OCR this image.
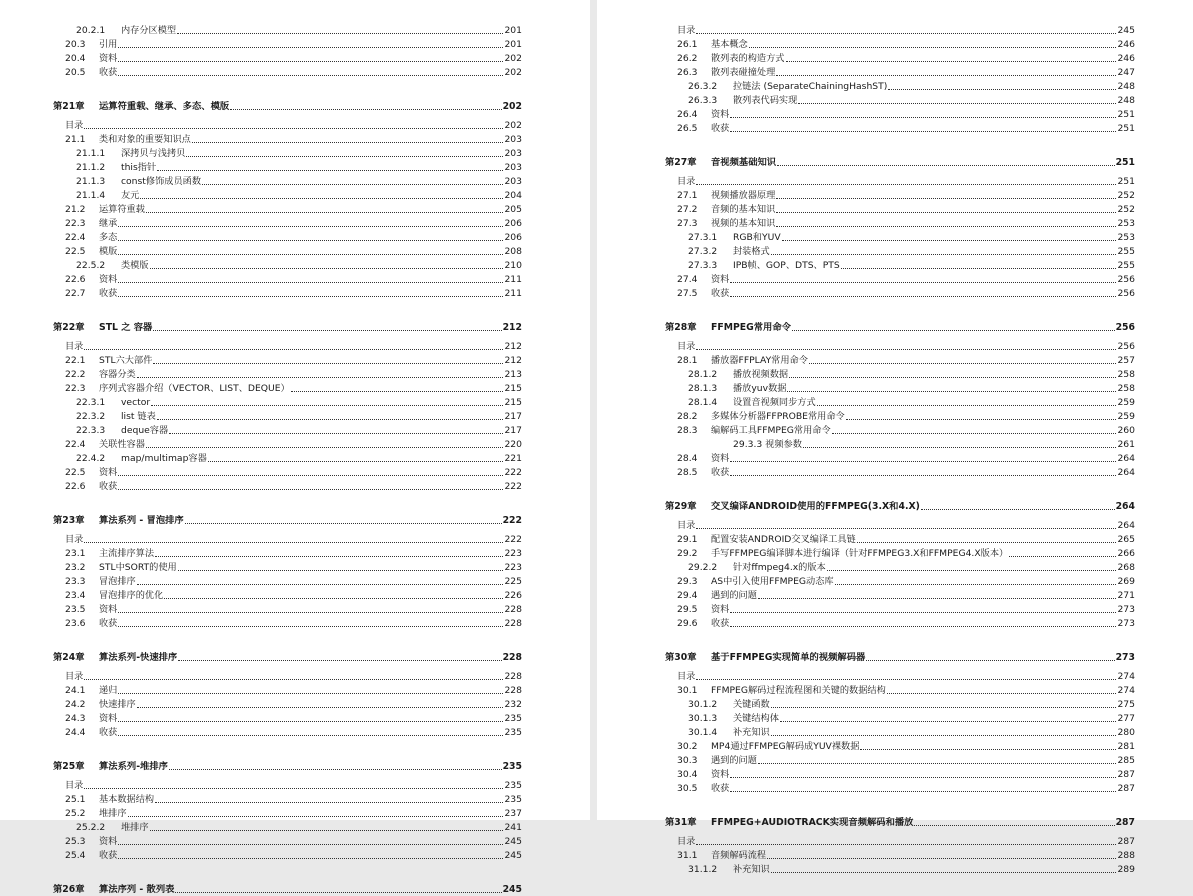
20.2.1	内存分区模型	201
20.3	引用	201
20.4	资料	202
20.5	收获	202
第21章	运算符重载、继承、多态、模版	202
目录	202
21.1	类和对象的重要知识点	203
21.1.1	深拷贝与浅拷贝	203
21.1.2	this指针	203
21.1.3	const修饰成员函数	203
21.1.4	友元	204
21.2	运算符重载	205
22.3	继承	206
22.4	多态	206
22.5	模版	208
22.5.2	类模版	210
22.6	资料	211
22.7	收获	211
第22章	STL 之 容器	212
目录	212
22.1	STL六大部件	212
22.2	容器分类	213
22.3	序列式容器介绍（VECTOR、LIST、DEQUE）	215
22.3.1	vector	215
22.3.2	list 链表	217
22.3.3	deque容器	217
22.4	关联性容器	220
22.4.2	map/multimap容器	221
22.5	资料	222
22.6	收获	222
第23章	算法系列 - 冒泡排序	222
目录	222
23.1	主流排序算法	223
23.2	STL中SORT的使用	223
23.3	冒泡排序	225
23.4	冒泡排序的优化	226
23.5	资料	228
23.6	收获	228
第24章	算法系列-快速排序	228
目录	228
24.1	递归	228
24.2	快速排序	232
24.3	资料	235
24.4	收获	235
第25章	算法系列-堆排序	235
目录	235
25.1	基本数据结构	235
25.2	堆排序	237
25.2.2	堆排序	241
25.3	资料	245
25.4	收获	245
第26章	算法序列 - 散列表	245
目录	245
26.1	基本概念	246
26.2	散列表的构造方式	246
26.3	散列表碰撞处理	247
26.3.2	拉链法 (SeparateChainingHashST)	248
26.3.3	散列表代码实现	248
26.4	资料	251
26.5	收获	251
第27章	音视频基础知识	251
目录	251
27.1	视频播放器原理	252
27.2	音频的基本知识	252
27.3	视频的基本知识	253
27.3.1	RGB和YUV	253
27.3.2	封装格式	255
27.3.3	IPB帧、GOP、DTS、PTS	255
27.4	资料	256
27.5	收获	256
第28章	FFMPEG常用命令	256
目录	256
28.1	播放器FFPLAY常用命令	257
28.1.2	播放视频数据	258
28.1.3	播放yuv数据	258
28.1.4	设置音视频同步方式	259
28.2	多媒体分析器FFPROBE常用命令	259
28.3	编解码工具FFMPEG常用命令	260
29.3.3 视频参数	261
28.4	资料	264
28.5	收获	264
第29章	交叉编译ANDROID使用的FFMPEG(3.X和4.X)	264
目录	264
29.1	配置安装ANDROID交叉编译工具链	265
29.2	手写FFMPEG编译脚本进行编译（针对FFMPEG3.X和FFMPEG4.X版本）	266
29.2.2	针对ffmpeg4.x的版本	268
29.3	AS中引入使用FFMPEG动态库	269
29.4	遇到的问题	271
29.5	资料	273
29.6	收获	273
第30章	基于FFMPEG实现简单的视频解码器	273
目录	274
30.1	FFMPEG解码过程流程图和关键的数据结构	274
30.1.2	关键函数	275
30.1.3	关键结构体	277
30.1.4	补充知识	280
30.2	MP4通过FFMPEG解码成YUV裸数据	281
30.3	遇到的问题	285
30.4	资料	287
30.5	收获	287
第31章	FFMPEG+AUDIOTRACK实现音频解码和播放	287
目录	287
31.1	音频解码流程	288
31.1.2	补充知识	289
